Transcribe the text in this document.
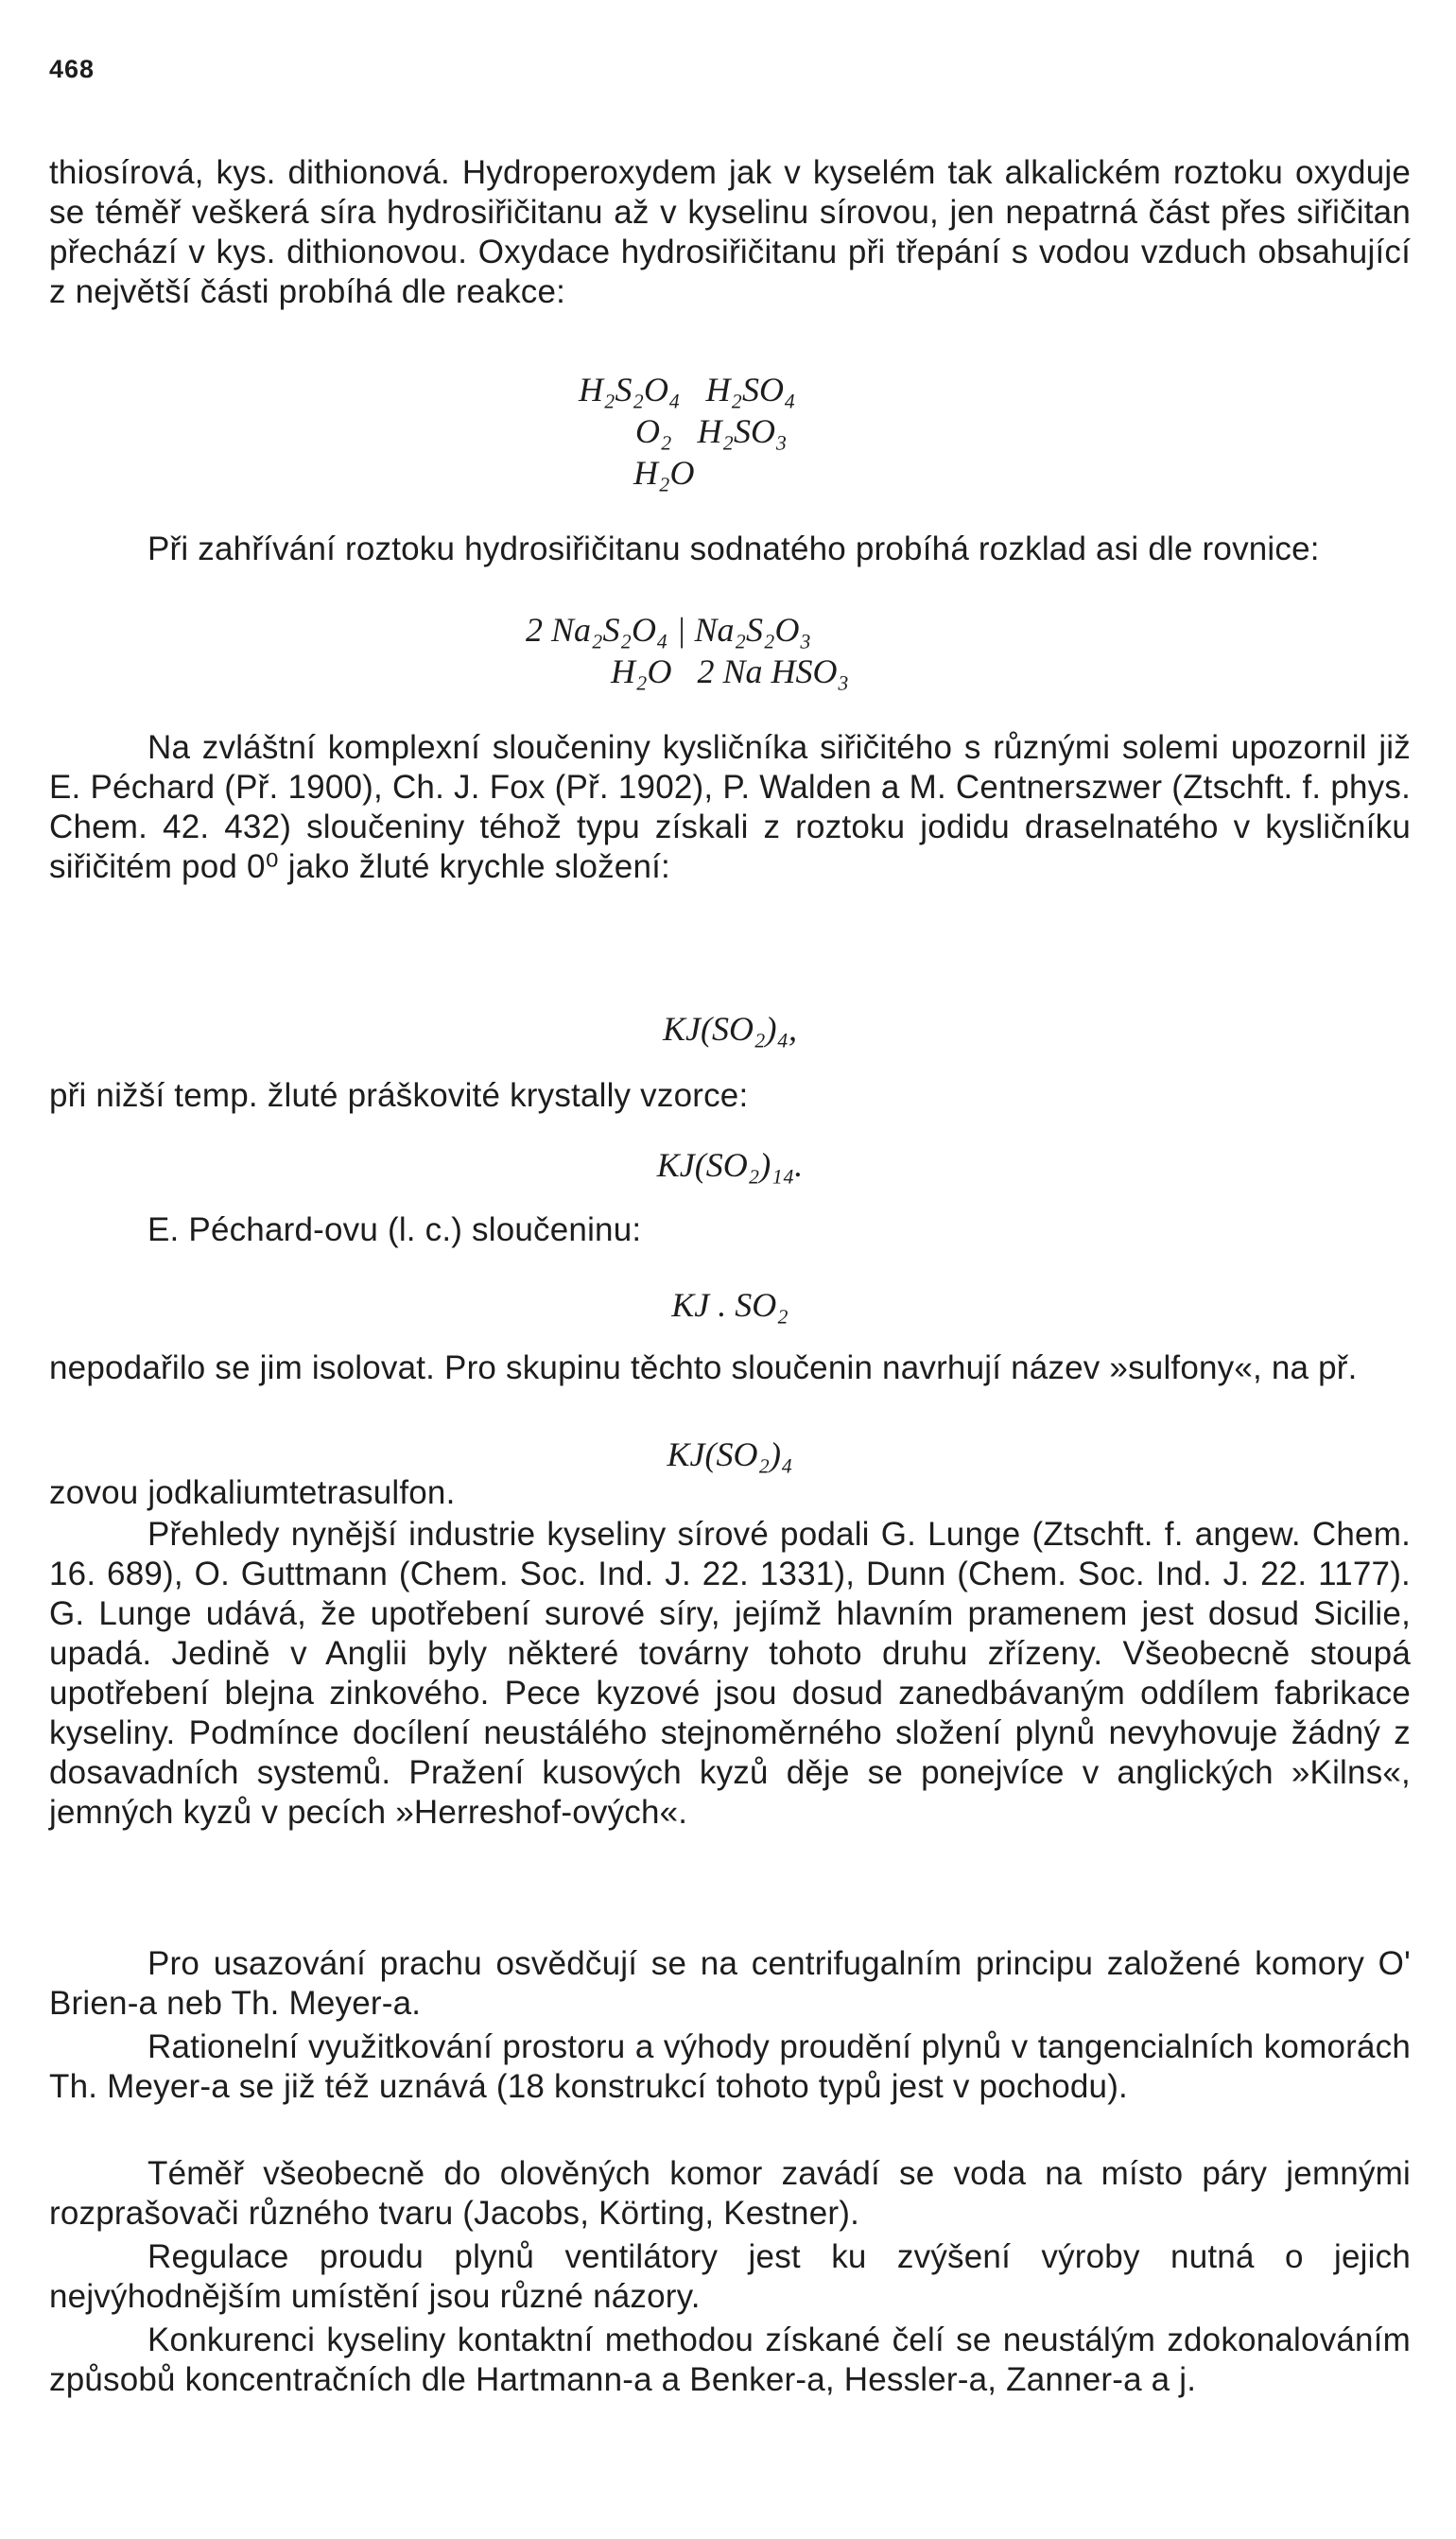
468

thiosírová, kys. dithionová. Hydroperoxydem jak v kyselém tak alkalickém roztoku oxyduje se téměř veškerá síra hydrosiřičitanu až v kyselinu sírovou, jen nepatrná část přes siřičitan přechází v kys. dithionovou. Oxydace hydrosiřičitanu při třepání s vodou vzduch obsahující z největší části probíhá dle reakce:

H₂S₂O₄   H₂SO₄
O₂   H₂SO₃
H₂O

Při zahřívání roztoku hydrosiřičitanu sodnatého probíhá rozklad asi dle rovnice:

2 Na₂S₂O₄ | Na₂S₂O₃
H₂O   2 Na HSO₃

Na zvláštní komplexní sloučeniny kysličníka siřičitého s různými solemi upozornil již E. Péchard (Př. 1900), Ch. J. Fox (Př. 1902), P. Walden a M. Centnerszwer (Ztschft. f. phys. Chem. 42. 432) sloučeniny téhož typu získali z roztoku jodidu draselnatého v kysličníku siřičitém pod 0⁰ jako žluté krychle složení:

KJ(SO₂)₄,

při nižší temp. žluté práškovité krystally vzorce:

KJ(SO₂)₁₄.

E. Péchard-ovu (l. c.) sloučeninu:

KJ . SO₂

nepodařilo se jim isolovat. Pro skupinu těchto sloučenin navrhují název »sulfony«, na př.

KJ(SO₂)₄

zovou jodkaliumtetrasulfon.

Přehledy nynější industrie kyseliny sírové podali G. Lunge (Ztschft. f. angew. Chem. 16. 689), O. Guttmann (Chem. Soc. Ind. J. 22. 1331), Dunn (Chem. Soc. Ind. J. 22. 1177). G. Lunge udává, že upotřebení surové síry, jejímž hlavním pramenem jest dosud Sicilie, upadá. Jedině v Anglii byly některé továrny tohoto druhu zřízeny. Všeobecně stoupá upotřebení blejna zinkového. Pece kyzové jsou dosud zanedbávaným oddílem fabrikace kyseliny. Podmínce docílení neustálého stejnoměrného složení plynů nevyhovuje žádný z dosavadních systemů. Pražení kusových kyzů děje se ponejvíce v anglických »Kilns«, jemných kyzů v pecích »Herreshof-ových«.

Pro usazování prachu osvědčují se na centrifugalním principu založené komory O' Brien-a neb Th. Meyer-a.

Rationelní využitkování prostoru a výhody proudění plynů v tangencialních komorách Th. Meyer-a se již též uznává (18 konstrukcí tohoto typů jest v pochodu).

Téměř všeobecně do olověných komor zavádí se voda na místo páry jemnými rozprašovači různého tvaru (Jacobs, Körting, Kestner).

Regulace proudu plynů ventilátory jest ku zvýšení výroby nutná o jejich nejvýhodnějším umístění jsou různé názory.

Konkurenci kyseliny kontaktní methodou získané čelí se neustálým zdokonalováním způsobů koncentračních dle Hartmann-a a Benker-a, Hessler-a, Zanner-a a j.
